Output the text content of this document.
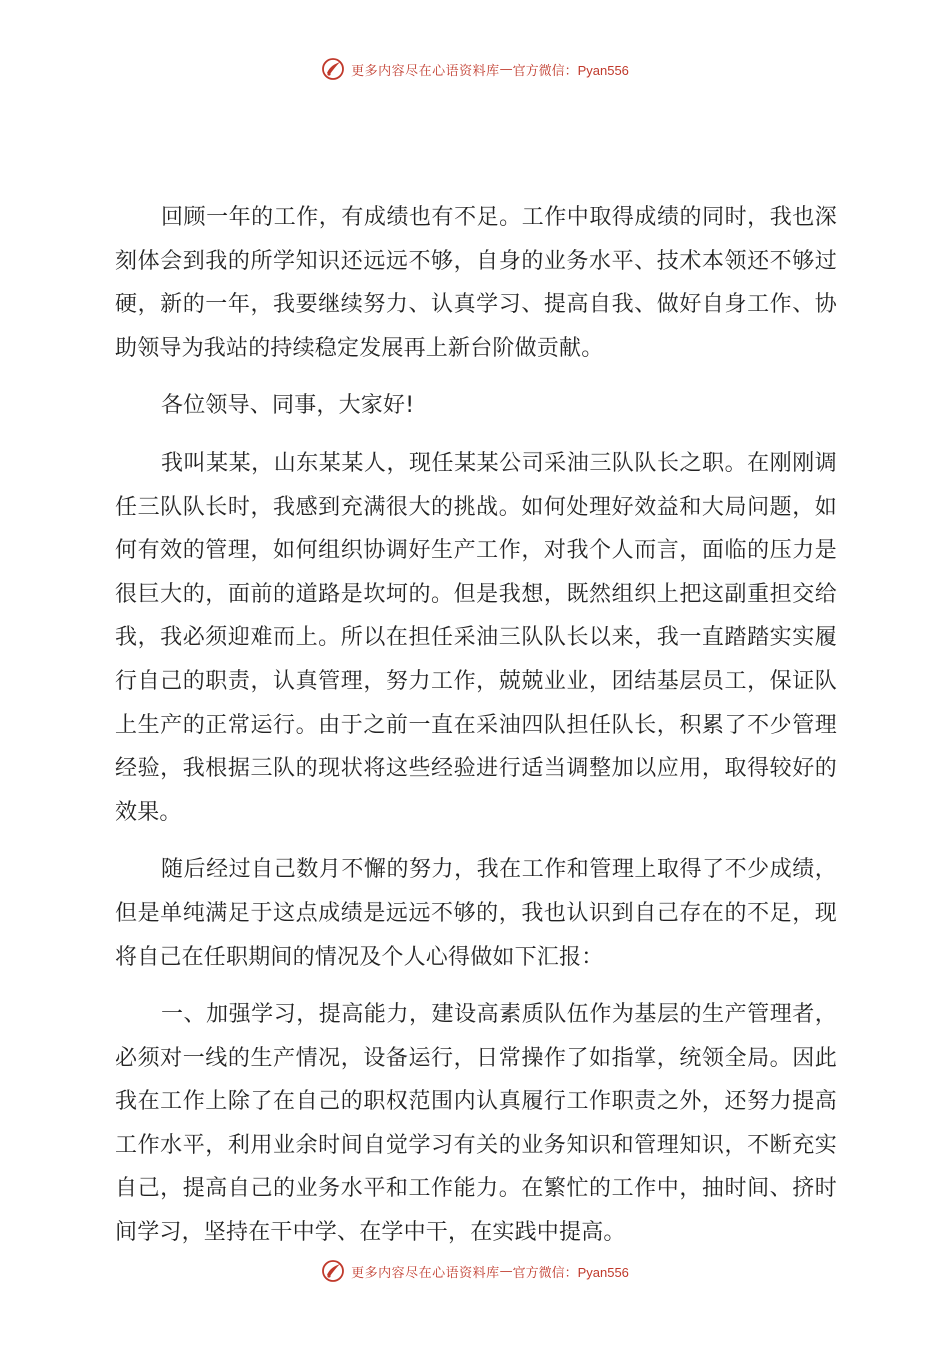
更多内容尽在心语资料库 — 官方微信：Pyan556

回顾一年的工作，有成绩也有不足。工作中取得成绩的同时，我也深刻体会到我的所学知识还远远不够，自身的业务水平、技术本领还不够过硬，新的一年，我要继续努力、认真学习、提高自我、做好自身工作、协助领导为我站的持续稳定发展再上新台阶做贡献。

各位领导、同事，大家好!

我叫某某，山东某某人，现任某某公司采油三队队长之职。在刚刚调任三队队长时，我感到充满很大的挑战。如何处理好效益和大局问题，如何有效的管理，如何组织协调好生产工作，对我个人而言，面临的压力是很巨大的，面前的道路是坎坷的。但是我想，既然组织上把这副重担交给我，我必须迎难而上。所以在担任采油三队队长以来，我一直踏踏实实履行自己的职责，认真管理，努力工作，兢兢业业，团结基层员工，保证队上生产的正常运行。由于之前一直在采油四队担任队长，积累了不少管理经验，我根据三队的现状将这些经验进行适当调整加以应用，取得较好的效果。

随后经过自己数月不懈的努力，我在工作和管理上取得了不少成绩，但是单纯满足于这点成绩是远远不够的，我也认识到自己存在的不足，现将自己在任职期间的情况及个人心得做如下汇报：

一、加强学习，提高能力，建设高素质队伍作为基层的生产管理者，必须对一线的生产情况，设备运行，日常操作了如指掌，统领全局。因此我在工作上除了在自己的职权范围内认真履行工作职责之外，还努力提高工作水平，利用业余时间自觉学习有关的业务知识和管理知识，不断充实自己，提高自己的业务水平和工作能力。在繁忙的工作中，抽时间、挤时间学习，坚持在干中学、在学中干，在实践中提高。

更多内容尽在心语资料库 — 官方微信：Pyan556
